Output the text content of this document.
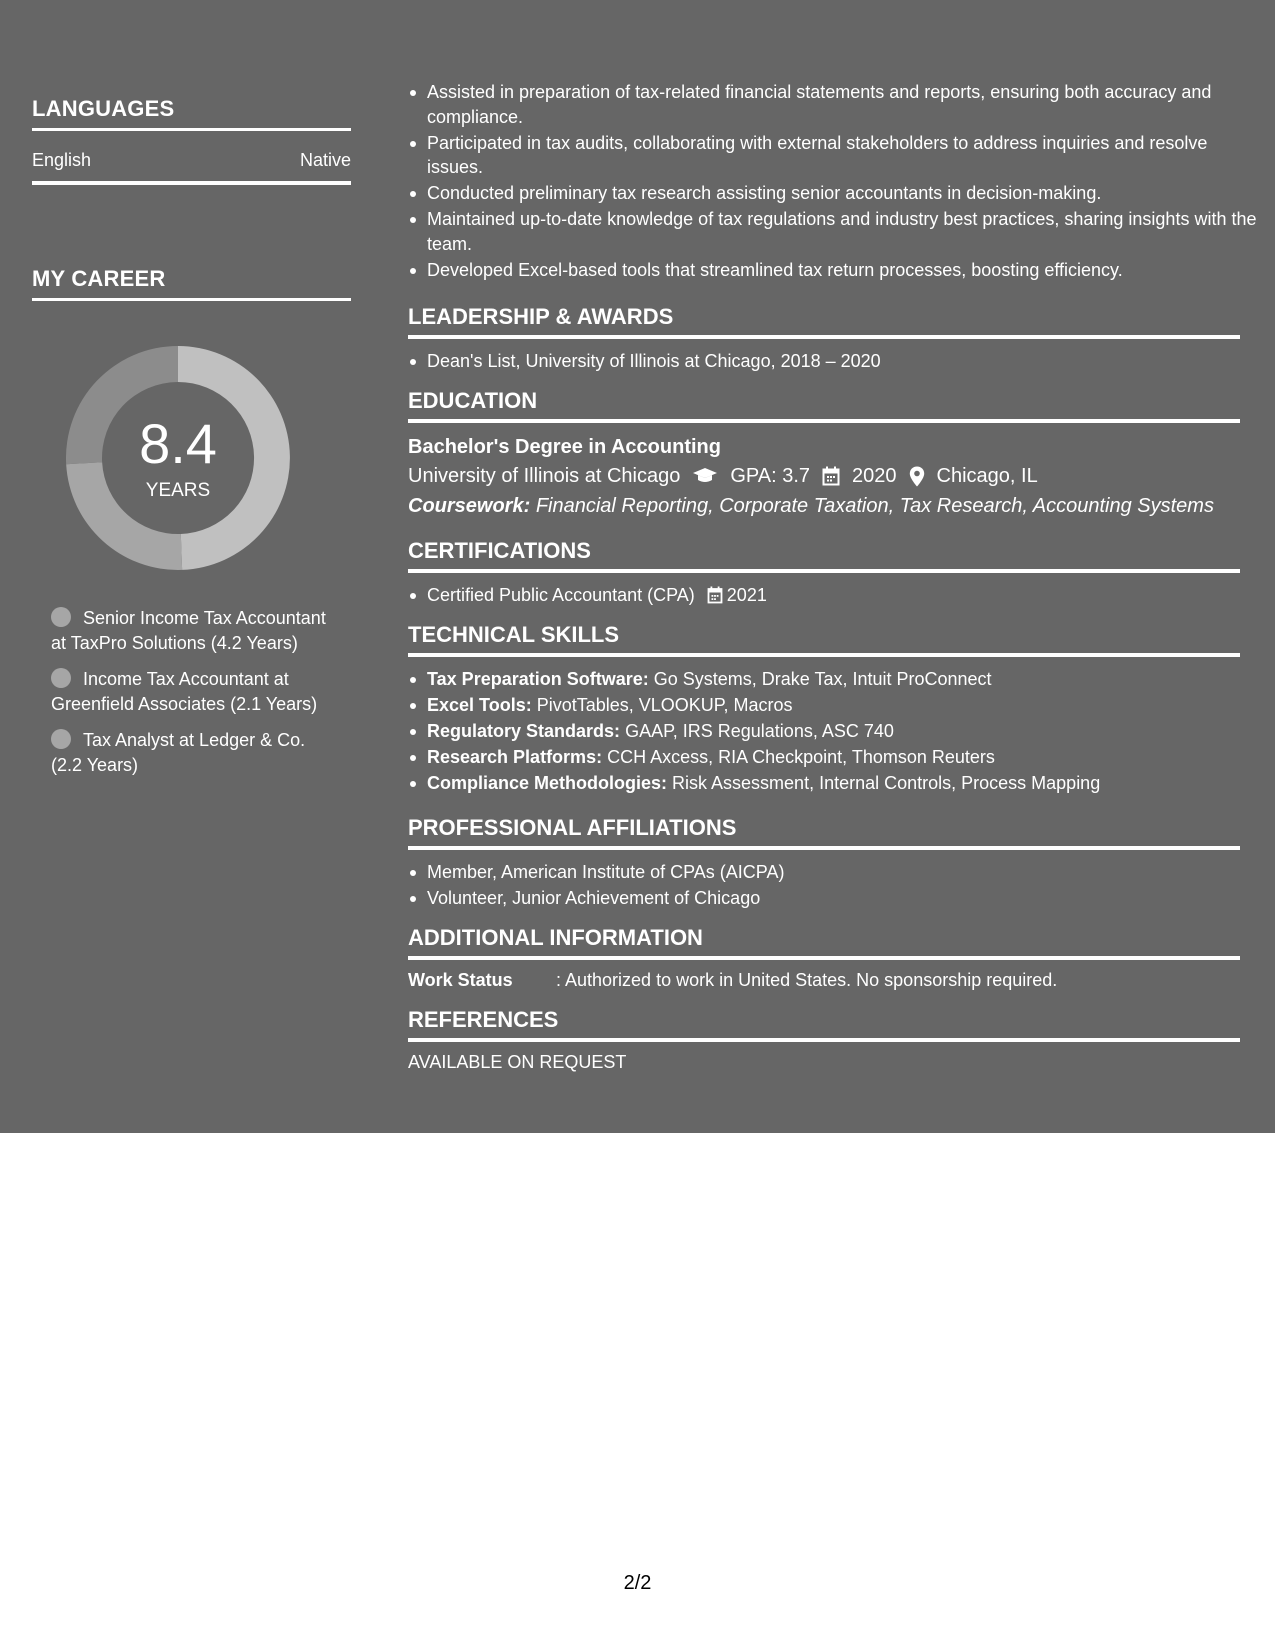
LANGUAGES
English	Native
MY CAREER
8.4
YEARS
Senior Income Tax Accountant at TaxPro Solutions (4.2 Years)
Income Tax Accountant at Greenfield Associates (2.1 Years)
Tax Analyst at Ledger & Co. (2.2 Years)
Assisted in preparation of tax-related financial statements and reports, ensuring both accuracy and compliance.
Participated in tax audits, collaborating with external stakeholders to address inquiries and resolve issues.
Conducted preliminary tax research assisting senior accountants in decision-making.
Maintained up-to-date knowledge of tax regulations and industry best practices, sharing insights with the team.
Developed Excel-based tools that streamlined tax return processes, boosting efficiency.
LEADERSHIP & AWARDS
Dean's List, University of Illinois at Chicago, 2018 – 2020
EDUCATION
Bachelor's Degree in Accounting
University of Illinois at Chicago	GPA: 3.7 2020 Chicago, IL
Coursework: Financial Reporting, Corporate Taxation, Tax Research, Accounting Systems
CERTIFICATIONS
Certified Public Accountant (CPA) 2021
TECHNICAL SKILLS
Tax Preparation Software: Go Systems, Drake Tax, Intuit ProConnect
Excel Tools: PivotTables, VLOOKUP, Macros
Regulatory Standards: GAAP, IRS Regulations, ASC 740
Research Platforms: CCH Axcess, RIA Checkpoint, Thomson Reuters
Compliance Methodologies: Risk Assessment, Internal Controls, Process Mapping
PROFESSIONAL AFFILIATIONS
Member, American Institute of CPAs (AICPA)
Volunteer, Junior Achievement of Chicago
ADDITIONAL INFORMATION
Work Status	: Authorized to work in United States. No sponsorship required.
REFERENCES
AVAILABLE ON REQUEST
2/2
